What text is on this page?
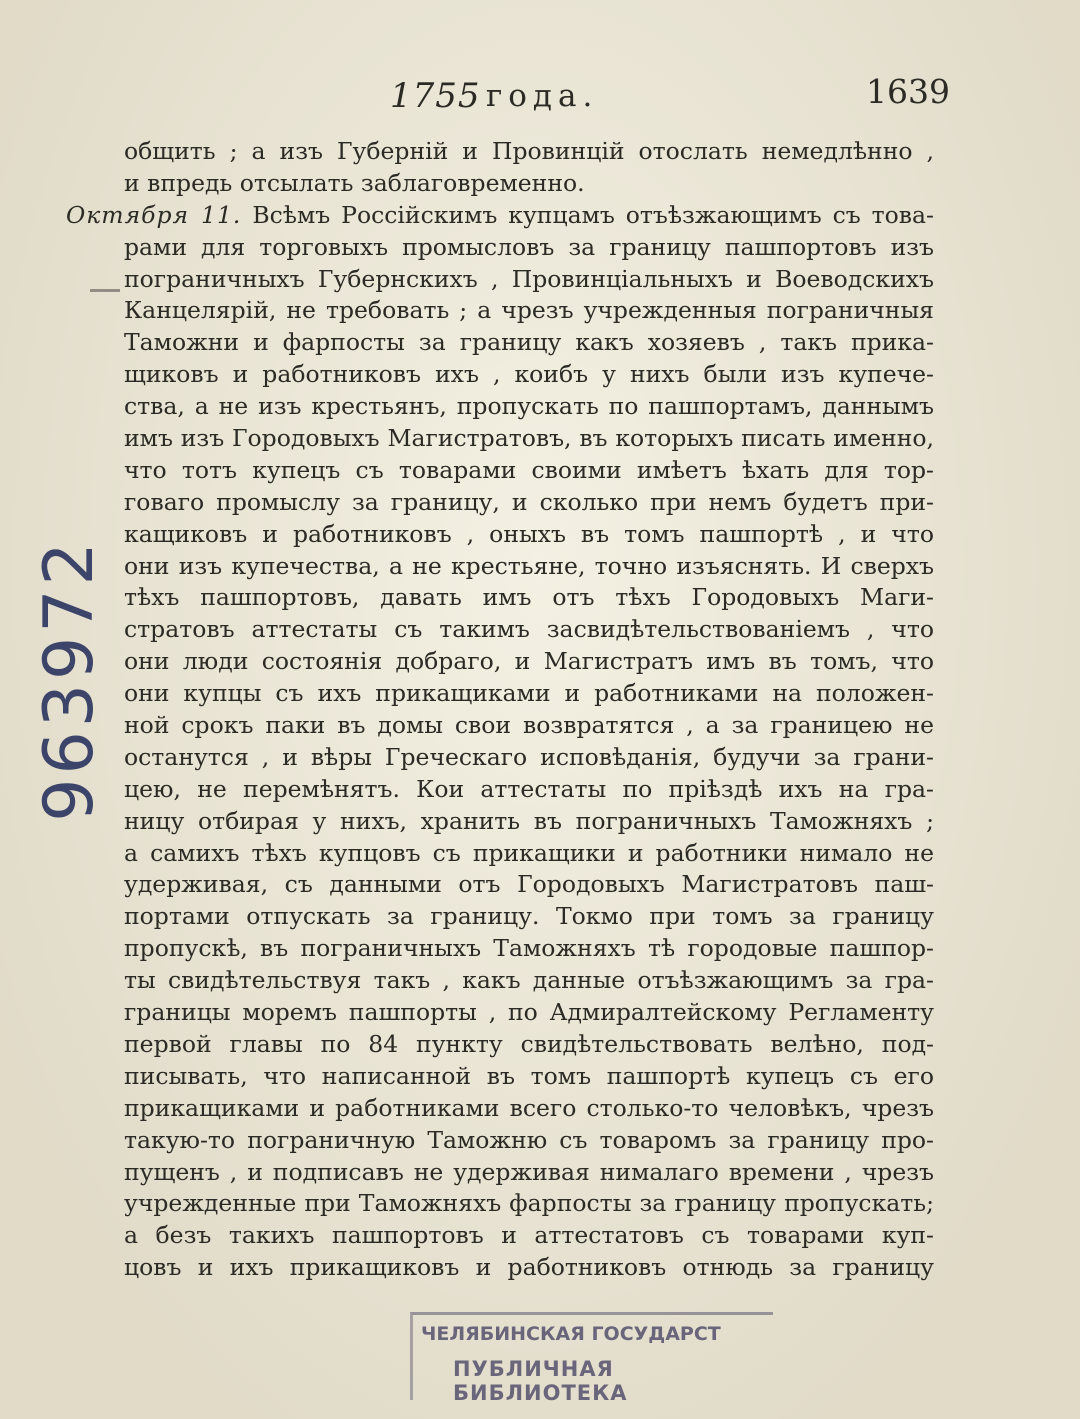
1755 года.	1639
963972
общить ; а изъ Губерній и Провинцій отослать немедлѣнно ,
и впредь отсылать заблаговременно.
Октября 11. Всѣмъ Россійскимъ купцамъ отъѣзжающимъ съ това-
рами для торговыхъ промысловъ за границу пашпортовъ изъ
пограничныхъ Губернскихъ , Провинціальныхъ и Воеводскихъ
Канцелярій, не требовать ; а чрезъ учрежденныя пограничныя
Таможни и фарпосты за границу какъ хозяевъ , такъ прика-
щиковъ и работниковъ ихъ , коибъ у нихъ были изъ купече-
ства, а не изъ крестьянъ, пропускать по пашпортамъ, даннымъ
имъ изъ Городовыхъ Магистратовъ, въ которыхъ писать именно,
что тотъ купецъ съ товарами своими имѣетъ ѣхать для тор-
говаго промыслу за границу, и сколько при немъ будетъ при-
кащиковъ и работниковъ , оныхъ въ томъ пашпортѣ , и что
они изъ купечества, а не крестьяне, точно изъяснять. И сверхъ
тѣхъ пашпортовъ, давать имъ отъ тѣхъ Городовыхъ Маги-
стратовъ аттестаты съ такимъ засвидѣтельствованіемъ , что
они люди состоянія добраго, и Магистратъ имъ въ томъ, что
они купцы съ ихъ прикащиками и работниками на положен-
ной срокъ паки въ домы свои возвратятся , а за границею не
останутся , и вѣры Греческаго исповѣданія, будучи за грани-
цею, не перемѣнятъ. Кои аттестаты по пріѣздѣ ихъ на гра-
ницу отбирая у нихъ, хранить въ пограничныхъ Таможняхъ ;
а самихъ тѣхъ купцовъ съ прикащики и работники нимало не
удерживая, съ данными отъ Городовыхъ Магистратовъ паш-
портами отпускать за границу. Токмо при томъ за границу
пропускѣ, въ пограничныхъ Таможняхъ тѣ городовые пашпор-
ты свидѣтельствуя такъ , какъ данные отъѣзжающимъ за гра-
границы моремъ пашпорты , по Адмиралтейскому Регламенту
первой главы по 84 пункту свидѣтельствовать велѣно, под-
писывать, что написанной въ томъ пашпортѣ купецъ съ его
прикащиками и работниками всего столько-то человѣкъ, чрезъ
такую-то пограничную Таможню съ товаромъ за границу про-
пущенъ , и подписавъ не удерживая нималаго времени , чрезъ
учрежденные при Таможняхъ фарпосты за границу пропускать;
а безъ такихъ пашпортовъ и аттестатовъ съ товарами куп-
цовъ и ихъ прикащиковъ и работниковъ отнюдь за границу
ЧЕЛЯБИНСКАЯ ГОСУДАРСТ
ПУБЛИЧНАЯ БИБЛИОТЕКА
